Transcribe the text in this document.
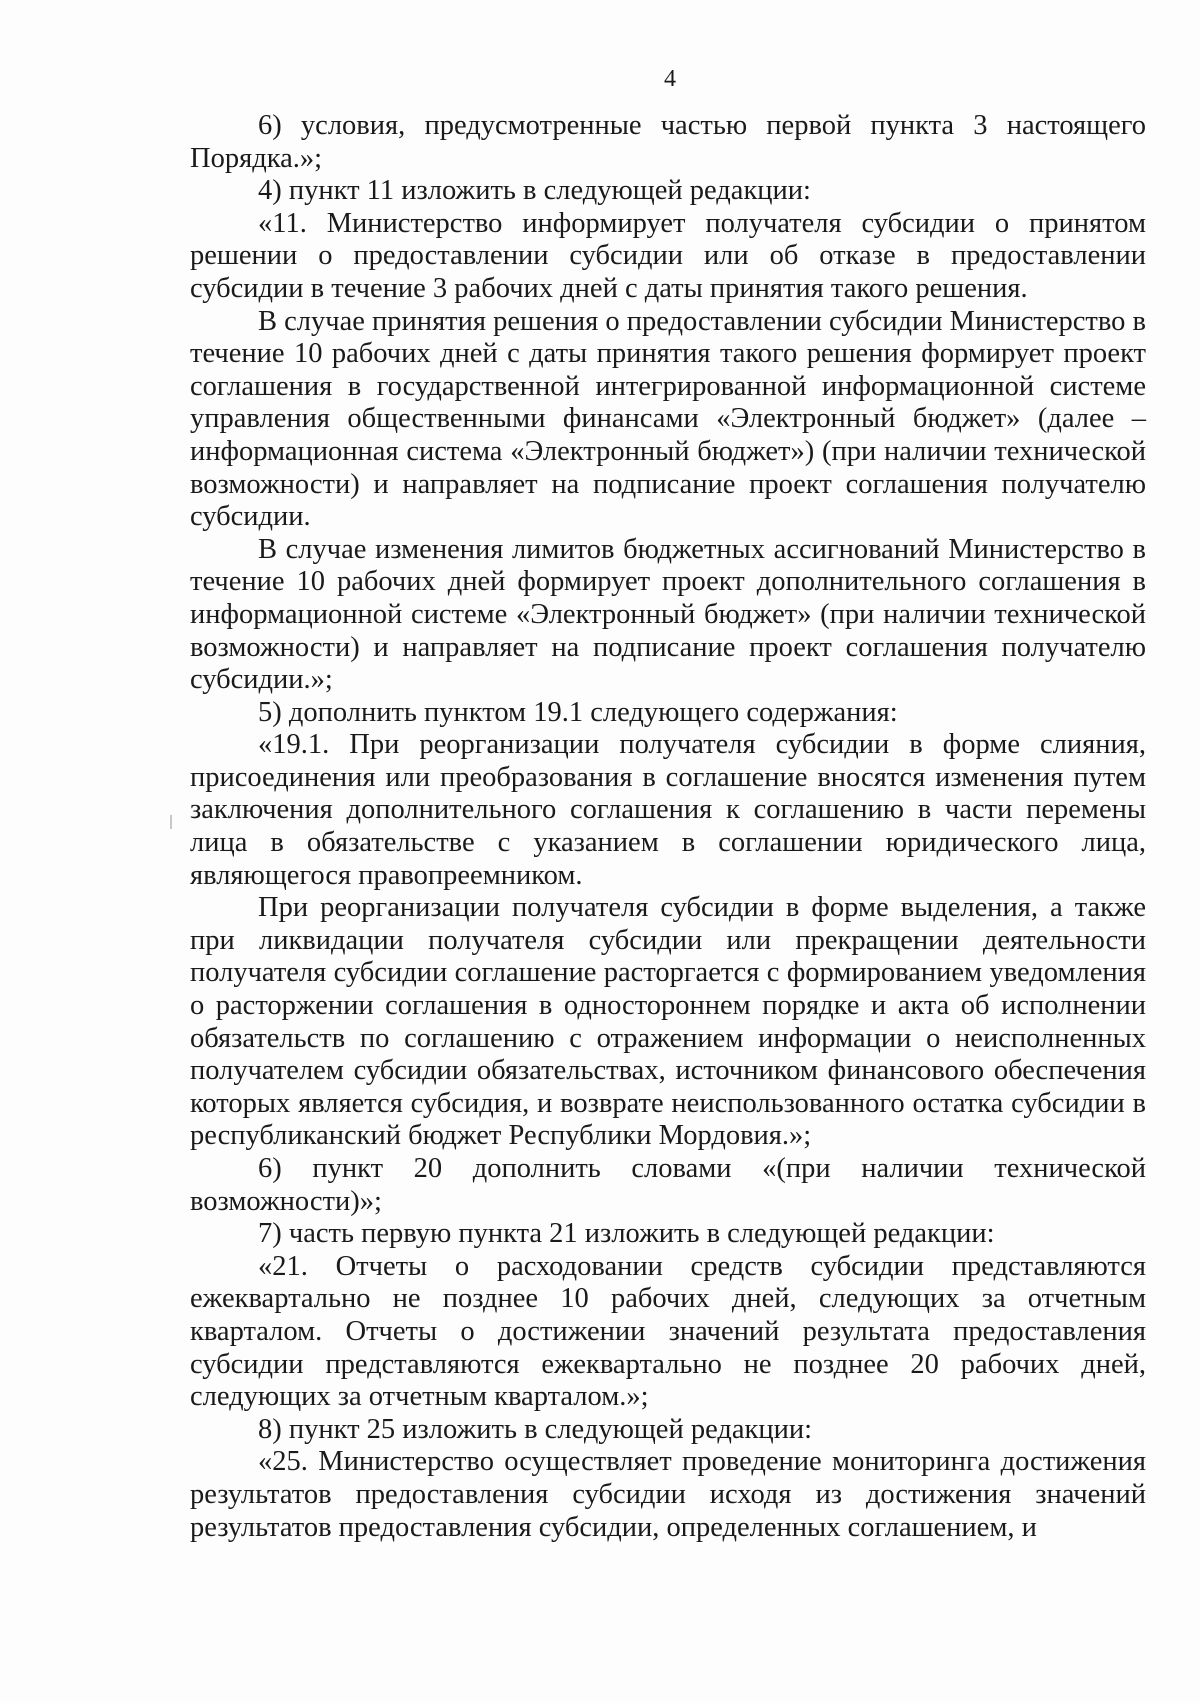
4

6) условия, предусмотренные частью первой пункта 3 настоящего Порядка.»;

4) пункт 11 изложить в следующей редакции:

«11. Министерство информирует получателя субсидии о принятом решении о предоставлении субсидии или об отказе в предоставлении субсидии в течение 3 рабочих дней с даты принятия такого решения.

В случае принятия решения о предоставлении субсидии Министерство в течение 10 рабочих дней с даты принятия такого решения формирует проект соглашения в государственной интегрированной информационной системе управления общественными финансами «Электронный бюджет» (далее – информационная система «Электронный бюджет») (при наличии технической возможности) и направляет на подписание проект соглашения получателю субсидии.

В случае изменения лимитов бюджетных ассигнований Министерство в течение 10 рабочих дней формирует проект дополнительного соглашения в информационной системе «Электронный бюджет» (при наличии технической возможности) и направляет на подписание проект соглашения получателю субсидии.»;

5) дополнить пунктом 19.1 следующего содержания:

«19.1. При реорганизации получателя субсидии в форме слияния, присоединения или преобразования в соглашение вносятся изменения путем заключения дополнительного соглашения к соглашению в части перемены лица в обязательстве с указанием в соглашении юридического лица, являющегося правопреемником.

При реорганизации получателя субсидии в форме выделения, а также при ликвидации получателя субсидии или прекращении деятельности получателя субсидии соглашение расторгается с формированием уведомления о расторжении соглашения в одностороннем порядке и акта об исполнении обязательств по соглашению с отражением информации о неисполненных получателем субсидии обязательствах, источником финансового обеспечения которых является субсидия, и возврате неиспользованного остатка субсидии в республиканский бюджет Республики Мордовия.»;

6) пункт 20 дополнить словами «(при наличии технической возможности)»;

7) часть первую пункта 21 изложить в следующей редакции:

«21. Отчеты о расходовании средств субсидии представляются ежеквартально не позднее 10 рабочих дней, следующих за отчетным кварталом. Отчеты о достижении значений результата предоставления субсидии представляются ежеквартально не позднее 20 рабочих дней, следующих за отчетным кварталом.»;

8) пункт 25 изложить в следующей редакции:

«25. Министерство осуществляет проведение мониторинга достижения результатов предоставления субсидии исходя из достижения значений результатов предоставления субсидии, определенных соглашением, и
